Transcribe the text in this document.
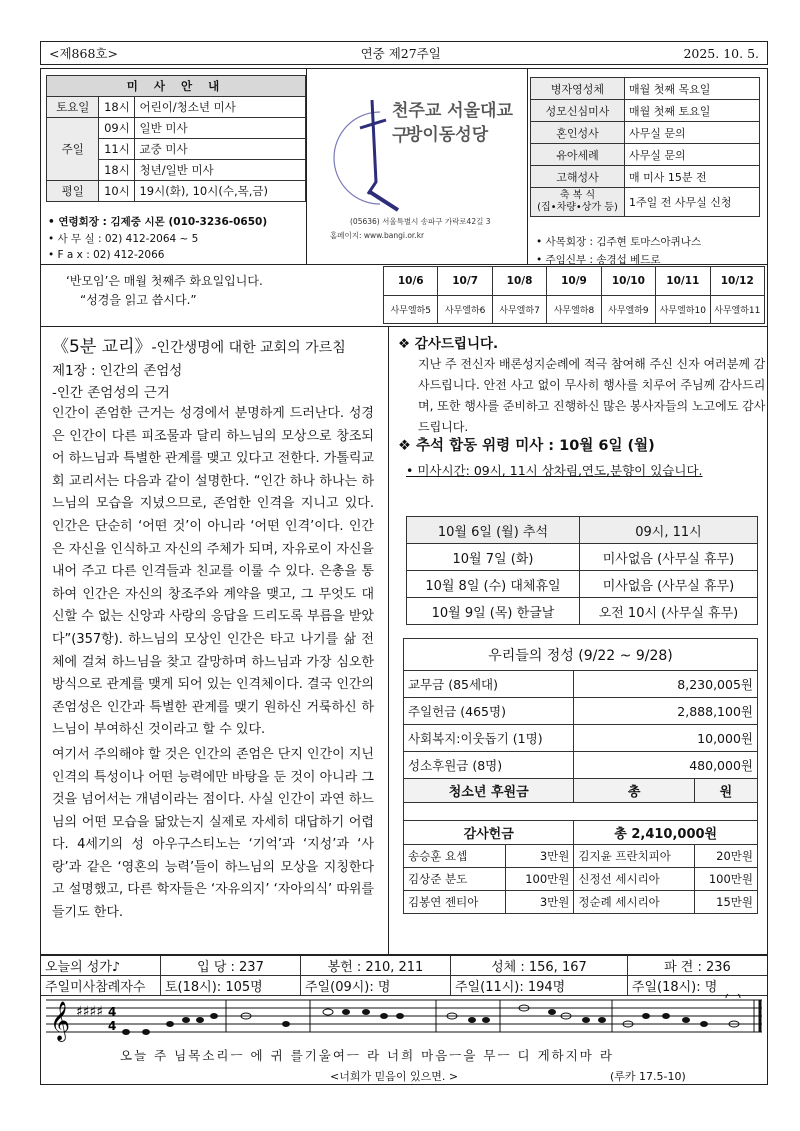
<제868호>	연중 제27주일	2025. 10. 5.
미 사 안 내		
토요일	18시	어린이/청소년 미사
주일	09시	일반 미사
	11시	교중 미사
	18시	청년/일반 미사
평일	10시	19시(화), 10시(수,목,금)
• 연령회장 : 김제중 시몬 (010-3236-0650)
• 사 무 실 : 02) 412-2064 ~ 5
• F a x : 02) 412-2066
천주교 서울대교구
방이동성당
(05636) 서울특별시 송파구 가락로42길 3
홈페이지: www.bangi.or.kr
병자영성체	매월 첫째 목요일
성모신심미사	매월 첫째 토요일
혼인성사	사무실 문의
유아세례	사무실 문의
고해성사	매 미사 15분 전
축 복 식
(집•차량•상가 등)	1주일 전 사무실 신청
• 사목회장 : 김주현 토마스아퀴나스
• 주임신부 : 송경섭 베드로
‘반모임’은 매월 첫째주 화요일입니다.
“성경을 읽고 씁시다.”
10/6	10/7	10/8	10/9	10/10	10/11	10/12
사무엘하5	사무엘하6	사무엘하7	사무엘하8	사무엘하9	사무엘하10	사무엘하11
《5분 교리》-인간생명에 대한 교회의 가르침
제1장 : 인간의 존엄성
-인간 존엄성의 근거

인간이 존엄한 근거는 성경에서 분명하게 드러난다. 성경은 인간이 다른 피조물과 달리 하느님의 모상으로 창조되어 하느님과 특별한 관계를 맺고 있다고 전한다. 가톨릭교회 교리서는 다음과 같이 설명한다. “인간 하나 하나는 하느님의 모습을 지녔으므로, 존엄한 인격을 지니고 있다. 인간은 단순히 ‘어떤 것’이 아니라 ‘어떤 인격’이다. 인간은 자신을 인식하고 자신의 주체가 되며, 자유로이 자신을 내어 주고 다른 인격들과 친교를 이룰 수 있다. 은총을 통하여 인간은 자신의 창조주와 계약을 맺고, 그 무엇도 대신할 수 없는 신앙과 사랑의 응답을 드리도록 부름을 받았다”(357항). 하느님의 모상인 인간은 타고 나기를 삶 전체에 걸쳐 하느님을 찾고 갈망하며 하느님과 가장 심오한 방식으로 관계를 맺게 되어 있는 인격체이다. 결국 인간의 존엄성은 인간과 특별한 관계를 맺기 원하신 거룩하신 하느님이 부여하신 것이라고 할 수 있다.

여기서 주의해야 할 것은 인간의 존엄은 단지 인간이 지닌 인격의 특성이나 어떤 능력에만 바탕을 둔 것이 아니라 그것을 넘어서는 개념이라는 점이다. 사실 인간이 과연 하느님의 어떤 모습을 닮았는지 실제로 자세히 대답하기 어렵다. 4세기의 성 아우구스티노는 ‘기억’과 ‘지성’과 ‘사랑’과 같은 ‘영혼의 능력’들이 하느님의 모상을 지칭한다고 설명했고, 다른 학자들은 ‘자유의지’ ‘자아의식’ 따위를 들기도 한다.

❖ 감사드립니다.
지난 주 전신자 배론성지순례에 적극 참여해 주신 신자 여러분께 감사드립니다. 안전 사고 없이 무사히 행사를 치루어 주님께 감사드리며, 또한 행사를 준비하고 진행하신 많은 봉사자들의 노고에도 감사드립니다.
❖ 추석 합동 위령 미사 : 10월 6일 (월)
• 미사시간: 09시, 11시 상차림,연도,분향이 있습니다.
10월 6일 (월) 추석	09시, 11시
10월 7일 (화)	미사없음 (사무실 휴무)
10월 8일 (수) 대체휴일	미사없음 (사무실 휴무)
10월 9일 (목) 한글날	오전 10시 (사무실 휴무)
우리들의 정성 (9/22 ~ 9/28)			
교무금 (85세대)		8,230,005원	
주일헌금 (465명)		2,888,100원	
사회복지:이웃돕기 (1명)		10,000원	
성소후원금 (8명)		480,000원	
청소년 후원금		총	원

감사헌금		총 2,410,000원	
송승훈 요셉	3만원	김지윤 프란치피아	20만원
김상준 분도	100만원	신정선 세시리아	100만원
김봉연 젠티아	3만원	정순례 세시리아	15만원
오늘의 성가♪	입 당 : 237	봉헌 : 210, 211	성체 : 156, 167	파 견 : 236
주일미사참례자수	토(18시): 105명	주일(09시): 명	주일(11시): 194명	주일(18시): 명
𝄞 ♯♯♯♯ 4
4
오늘 주 님목소리ㅡ 에 귀 를기울여ㅡ 라 너희 마음ㅡ을 무ㅡ 디 게하지마 라
<너희가 믿음이 있으면. >	(루카 17.5-10)
